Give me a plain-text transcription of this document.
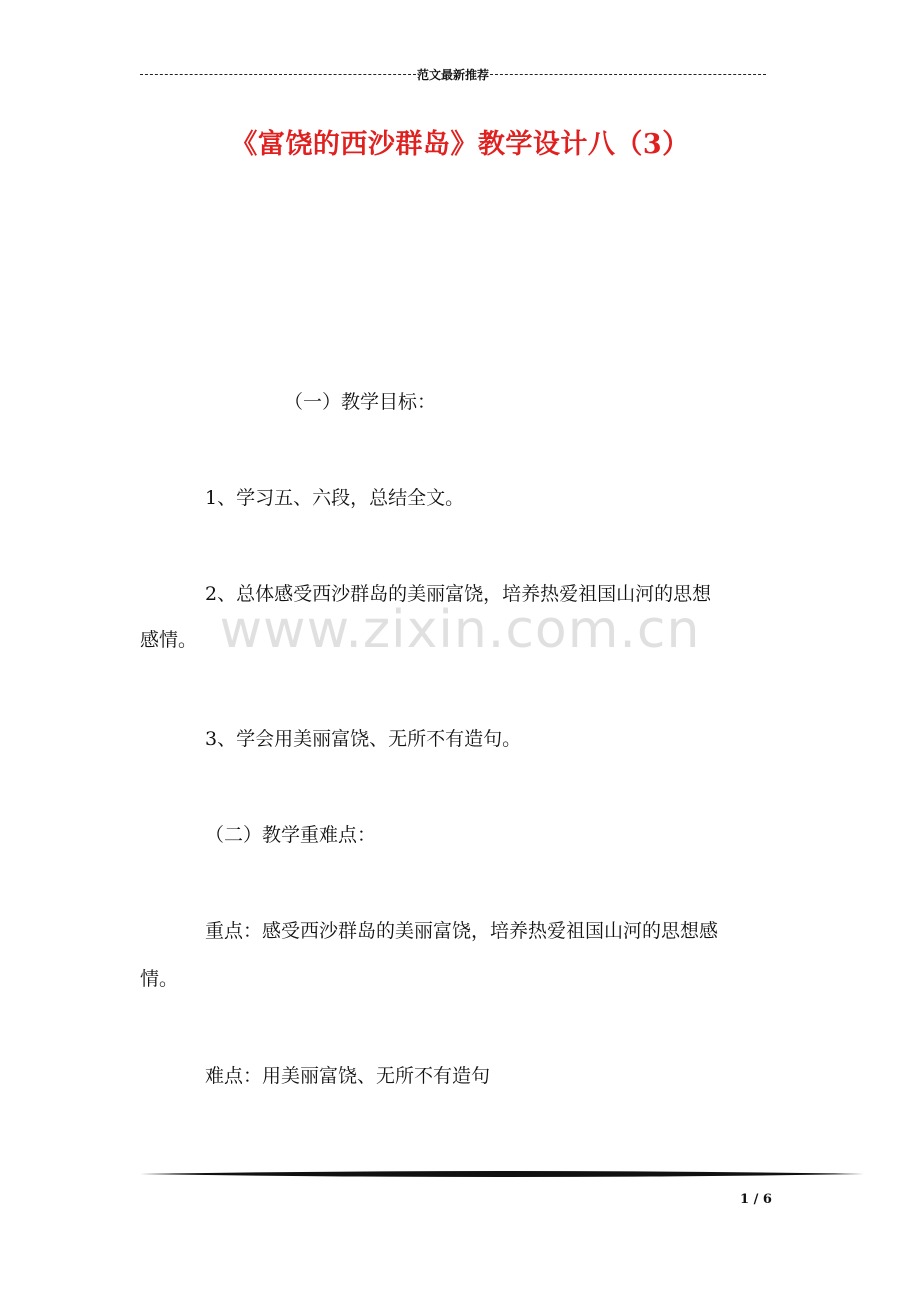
范文最新推荐
《富饶的西沙群岛》教学设计八（3）
（一）教学目标：
1、学习五、六段，总结全文。
2、总体感受西沙群岛的美丽富饶，培养热爱祖国山河的思想
感情。
3、学会用美丽富饶、无所不有造句。
（二）教学重难点：
重点：感受西沙群岛的美丽富饶，培养热爱祖国山河的思想感
情。
难点：用美丽富饶、无所不有造句
www.zixin.com.cn
1 / 6
